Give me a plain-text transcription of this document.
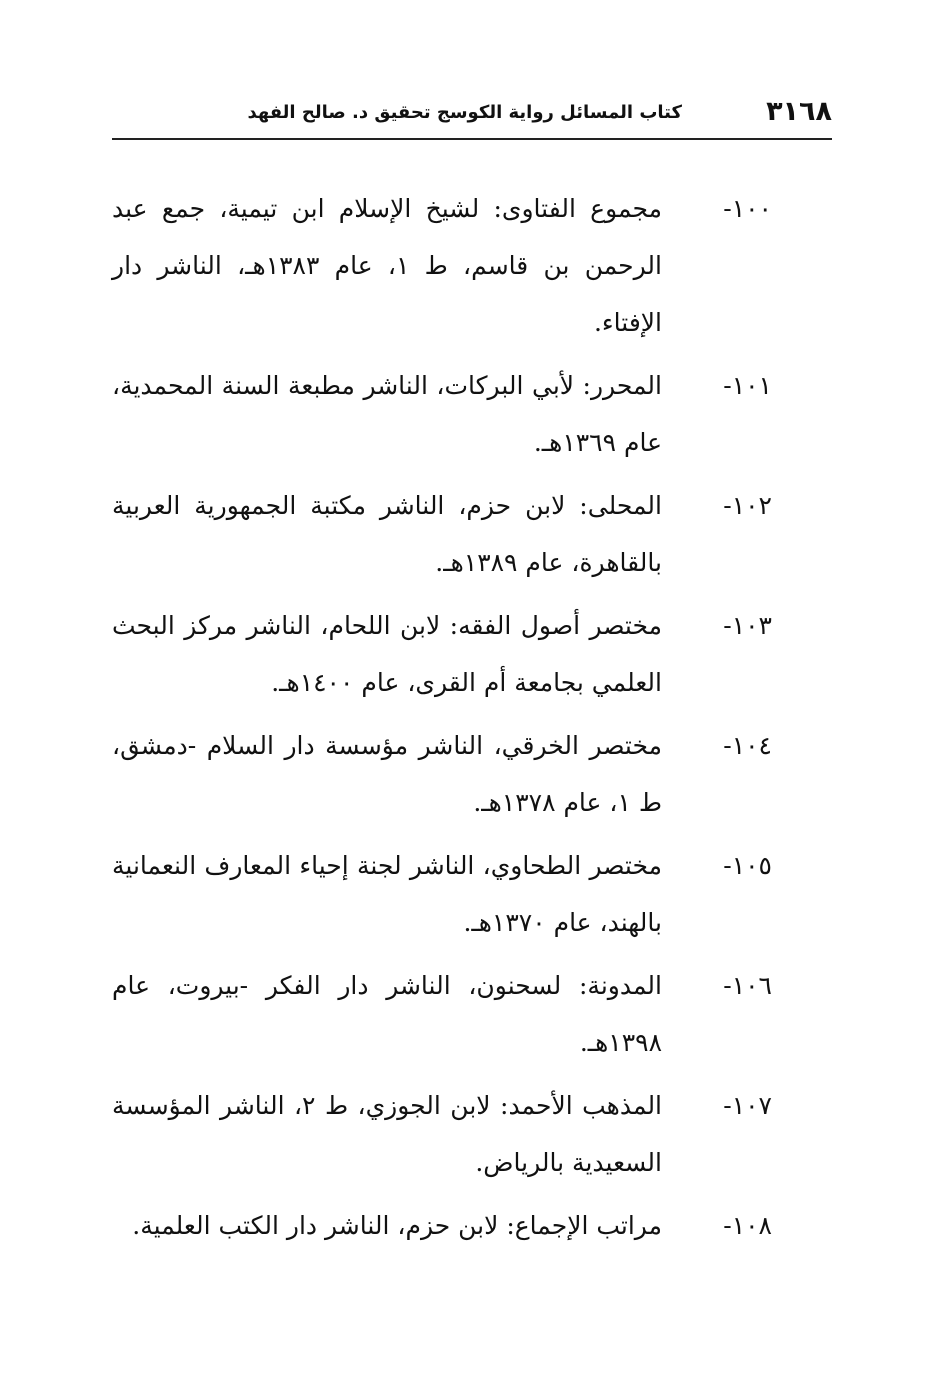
٣١٦٨
كتاب المسائل رواية الكوسج تحقيق د. صالح الفهد
١٠٠-
مجموع الفتاوى: لشيخ الإسلام ابن تيمية، جمع عبد الرحمن بن قاسم، ط ١، عام ١٣٨٣هـ، الناشر دار الإفتاء.
١٠١-
المحرر: لأبي البركات، الناشر مطبعة السنة المحمدية، عام ١٣٦٩هـ.
١٠٢-
المحلى: لابن حزم، الناشر مكتبة الجمهورية العربية بالقاهرة، عام ١٣٨٩هـ.
١٠٣-
مختصر أصول الفقه: لابن اللحام، الناشر مركز البحث العلمي بجامعة أم القرى، عام ١٤٠٠هـ.
١٠٤-
مختصر الخرقي، الناشر مؤسسة دار السلام -دمشق، ط ١، عام ١٣٧٨هـ.
١٠٥-
مختصر الطحاوي، الناشر لجنة إحياء المعارف النعمانية بالهند، عام ١٣٧٠هـ.
١٠٦-
المدونة: لسحنون، الناشر دار الفكر -بيروت، عام ١٣٩٨هـ.
١٠٧-
المذهب الأحمد: لابن الجوزي، ط ٢، الناشر المؤسسة السعيدية بالرياض.
١٠٨-
مراتب الإجماع: لابن حزم، الناشر دار الكتب العلمية.
